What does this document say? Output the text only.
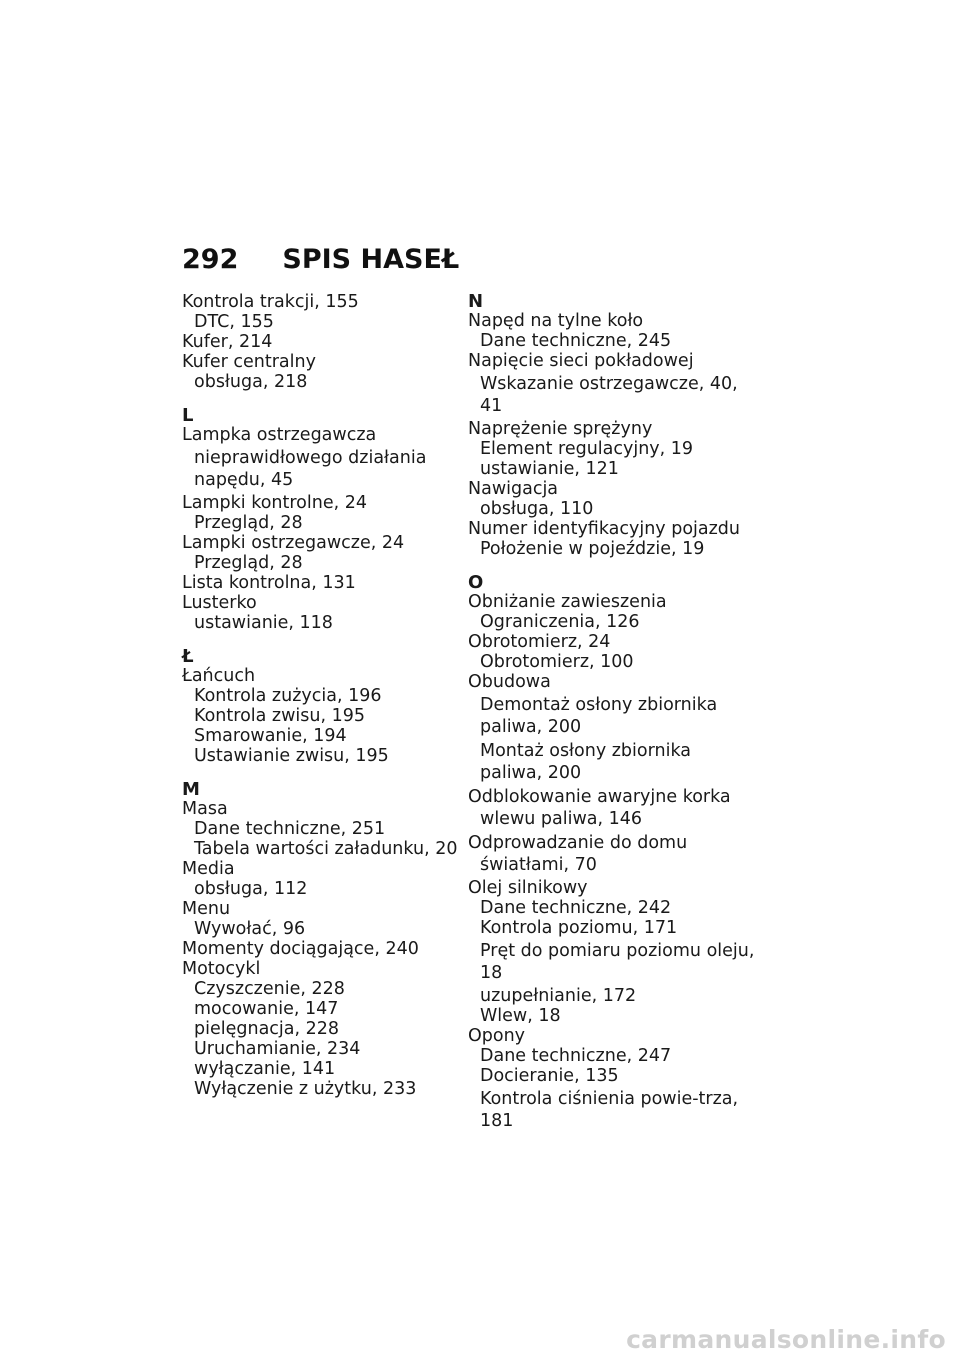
292 SPIS HASEŁ
Kontrola trakcji, 155
DTC, 155
Kufer, 214
Kufer centralny
obsługa, 218
L
Lampka ostrzegawcza
nieprawidłowego działania napędu, 45
Lampki kontrolne, 24
Przegląd, 28
Lampki ostrzegawcze, 24
Przegląd, 28
Lista kontrolna, 131
Lusterko
ustawianie, 118
Ł
Łańcuch
Kontrola zużycia, 196
Kontrola zwisu, 195
Smarowanie, 194
Ustawianie zwisu, 195
M
Masa
Dane techniczne, 251
Tabela wartości załadunku, 20
Media
obsługa, 112
Menu
Wywołać, 96
Momenty dociągające, 240
Motocykl
Czyszczenie, 228
mocowanie, 147
pielęgnacja, 228
Uruchamianie, 234
wyłączanie, 141
Wyłączenie z użytku, 233
N
Napęd na tylne koło
Dane techniczne, 245
Napięcie sieci pokładowej
Wskazanie ostrzegawcze, 40, 41
Naprężenie sprężyny
Element regulacyjny, 19
ustawianie, 121
Nawigacja
obsługa, 110
Numer identyfikacyjny pojazdu
Położenie w pojeździe, 19
O
Obniżanie zawieszenia
Ograniczenia, 126
Obrotomierz, 24
Obrotomierz, 100
Obudowa
Demontaż osłony zbiornika paliwa, 200
Montaż osłony zbiornika paliwa, 200
Odblokowanie awaryjne korka wlewu paliwa, 146
Odprowadzanie do domu światłami, 70
Olej silnikowy
Dane techniczne, 242
Kontrola poziomu, 171
Pręt do pomiaru poziomu oleju, 18
uzupełnianie, 172
Wlew, 18
Opony
Dane techniczne, 247
Docieranie, 135
Kontrola ciśnienia powie-trza, 181
carmanualsonline.info
